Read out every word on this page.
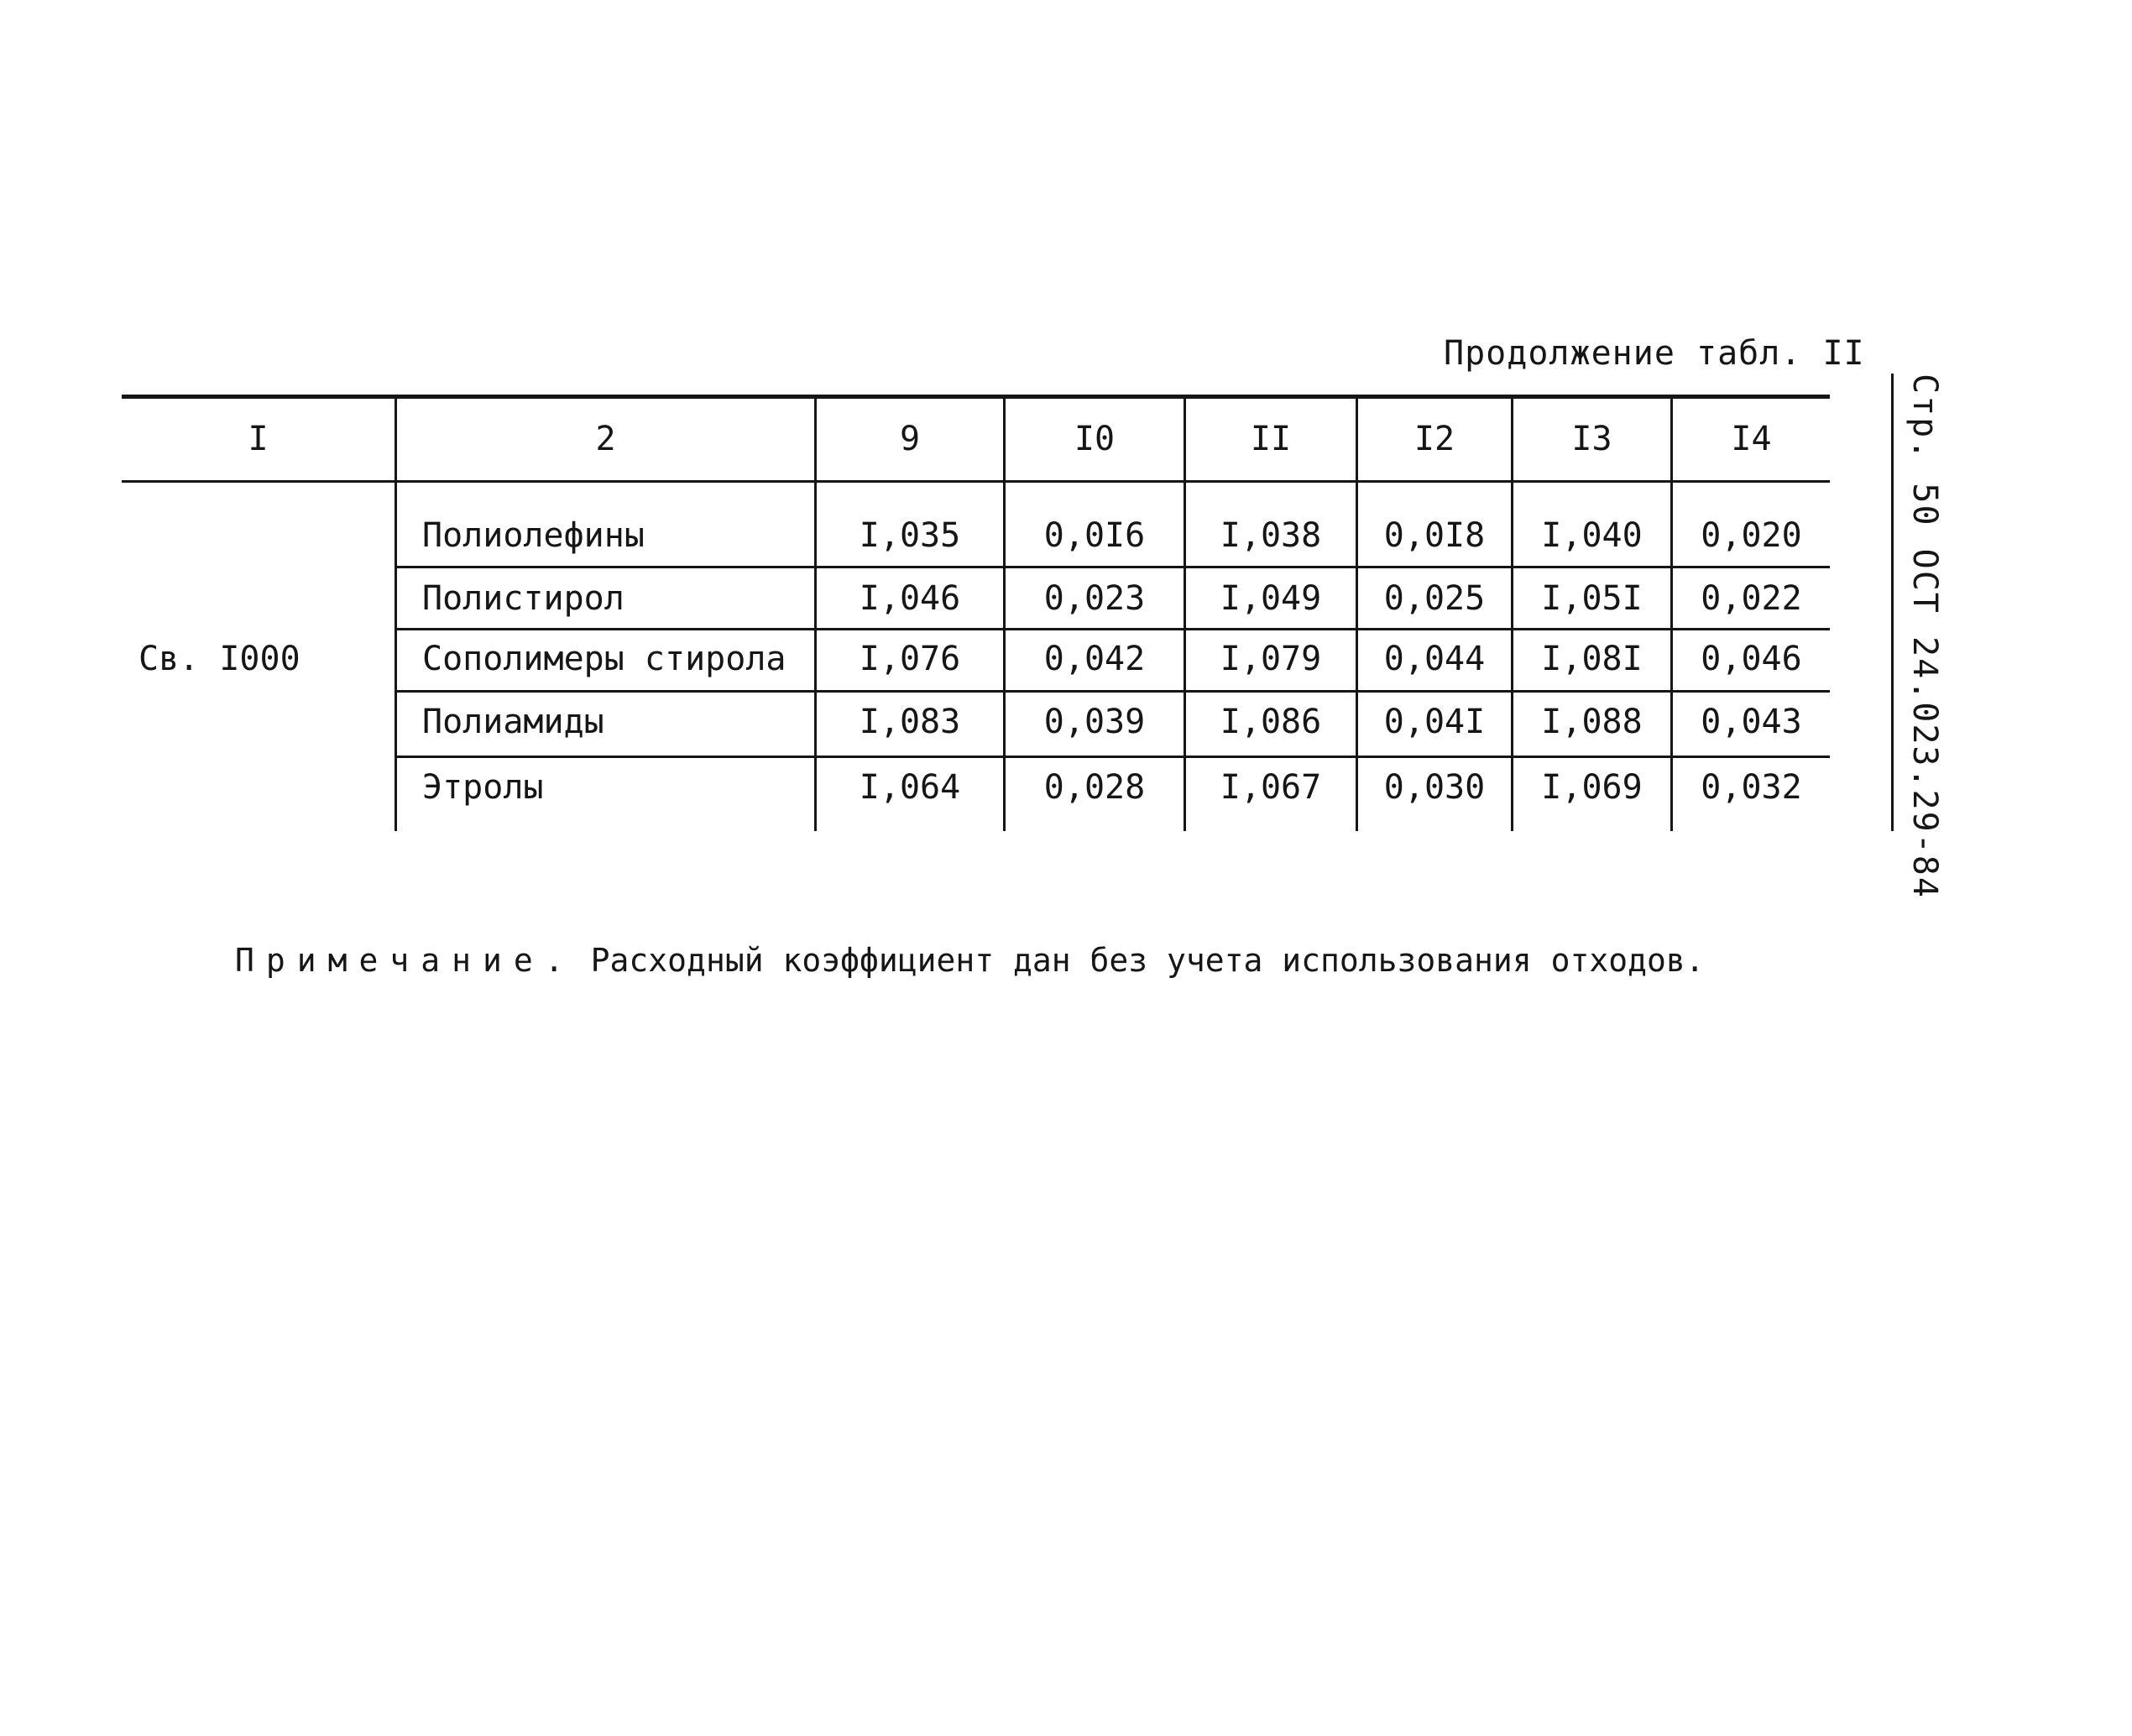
Продолжение табл. II
Стр. 50 ОСТ 24.023.29-84
I	2	9	I0	II	I2	I3	I4
Св. I000
Полиолефины	I,035	0,0I6	I,038	0,0I8	I,040	0,020
Полистирол	I,046	0,023	I,049	0,025	I,05I	0,022
Сополимеры стирола	I,076	0,042	I,079	0,044	I,08I	0,046
Полиамиды	I,083	0,039	I,086	0,04I	I,088	0,043
Этролы	I,064	0,028	I,067	0,030	I,069	0,032
Примечание. Расходный коэффициент дан без учета использования отходов.
